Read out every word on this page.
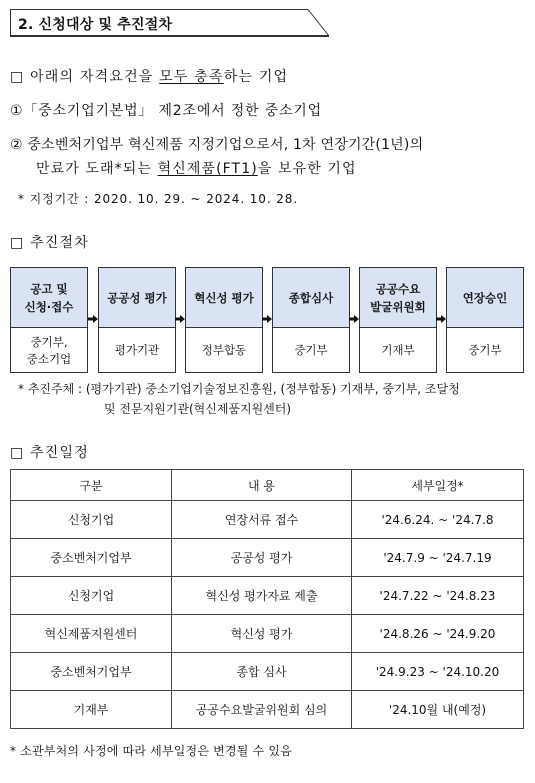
2. 신청대상 및 추진절차
□ 아래의 자격요건을 모두 충족하는 기업
①「중소기업기본법」 제2조에서 정한 중소기업
② 중소벤처기업부 혁신제품 지정기업으로서, 1차 연장기간(1년)의
만료가 도래*되는 혁신제품(FT1)을 보유한 기업
* 지정기간 : 2020. 10. 29. ~ 2024. 10. 28.
□ 추진절차
공고 및
신청·접수
중기부,
중소기업
공공성 평가
평가기관
혁신성 평가
정부합동
종합심사
중기부
공공수요
발굴위원회
기재부
연장승인
중기부
* 추진주체 : (평가기관) 중소기업기술정보진흥원, (정부합동) 기재부, 중기부, 조달청
및 전문지원기관(혁신제품지원센터)
□ 추진일정
구분	내 용	세부일정*
신청기업	연장서류 접수	'24.6.24. ~ '24.7.8
중소벤처기업부	공공성 평가	'24.7.9 ~ '24.7.19
신청기업	혁신성 평가자료 제출	'24.7.22 ~ '24.8.23
혁신제품지원센터	혁신성 평가	'24.8.26 ~ '24.9.20
중소벤처기업부	종합 심사	'24.9.23 ~ '24.10.20
기재부	공공수요발굴위원회 심의	'24.10월 내(예정)
* 소관부처의 사정에 따라 세부일정은 변경될 수 있음
